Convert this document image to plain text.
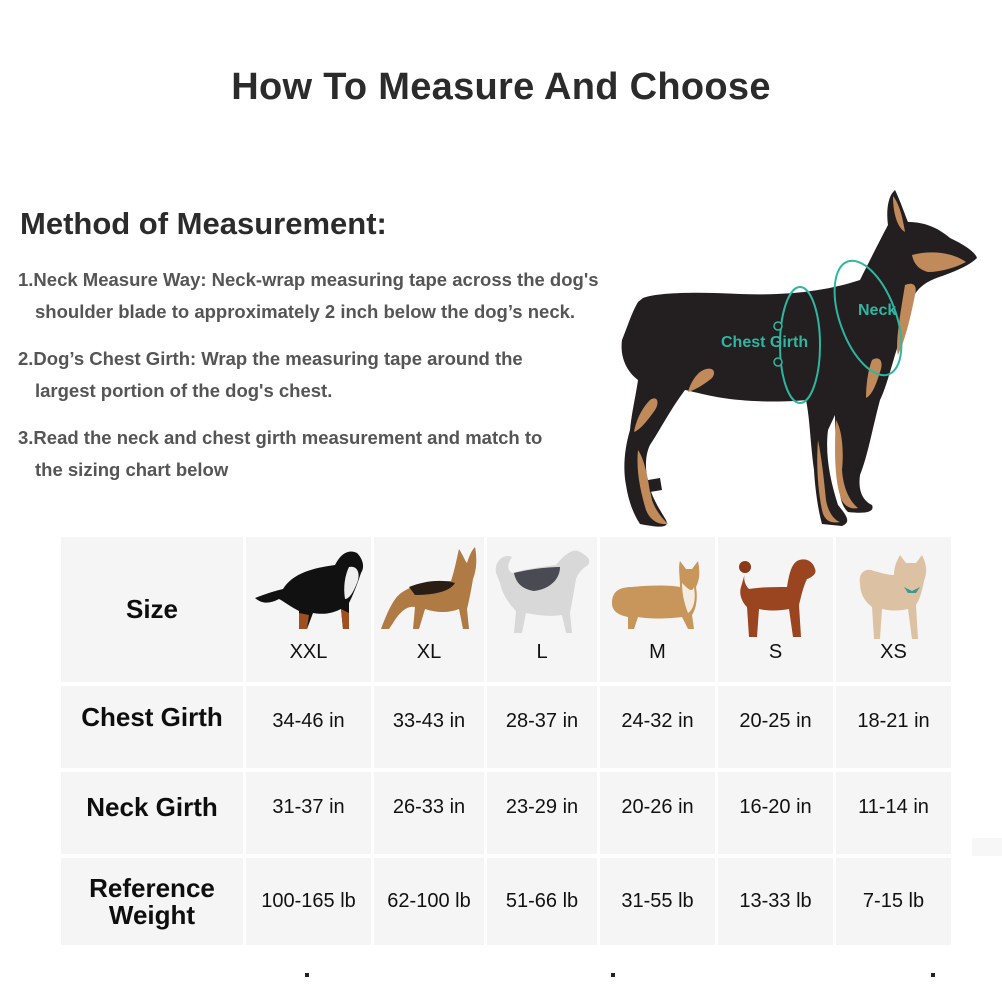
How To Measure And Choose
Method of Measurement:
1.Neck Measure Way: Neck-wrap measuring tape across the dog's
shoulder blade to approximately 2 inch below the dog’s neck.
2.Dog’s Chest Girth: Wrap the measuring tape around the
largest portion of the dog's chest.
3.Read the neck and chest girth measurement and match to
the sizing chart below
Chest Girth
Neck
Size
XXL	XL	L	M	S	XS
Chest Girth	34-46 in	33-43 in	28-37 in	24-32 in	20-25 in	18-21 in
Neck Girth	31-37 in	26-33 in	23-29 in	20-26 in	16-20 in	11-14 in
Reference
Weight	100-165 lb	62-100 lb	51-66 lb	31-55 lb	13-33 lb	7-15 lb
